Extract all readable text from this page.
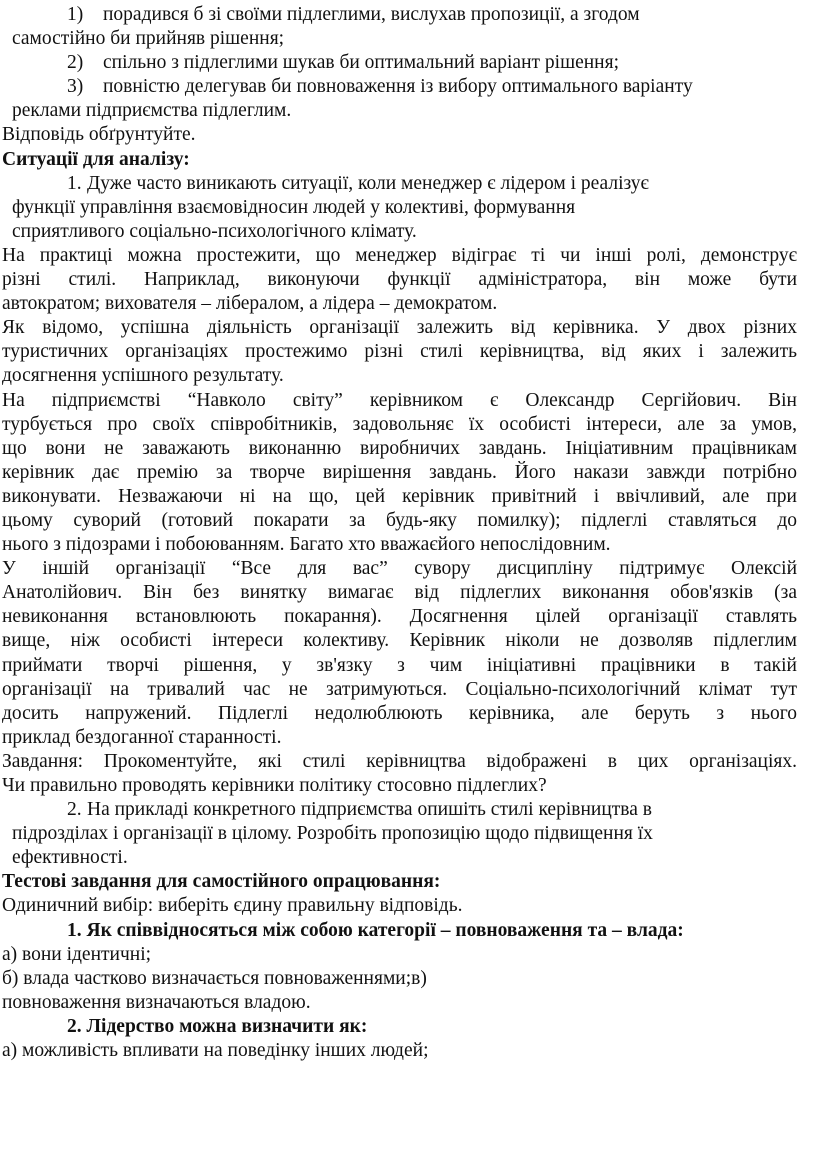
1) порадився б зі своїми підлеглими, вислухав пропозиції, а згодом
самостійно би прийняв рішення;
2) спільно з підлеглими шукав би оптимальний варіант рішення;
3) повністю делегував би повноваження із вибору оптимального варіанту
реклами підприємства підлеглим.
Відповідь обґрунтуйте.
Ситуації для аналізу:
1. Дуже часто виникають ситуації, коли менеджер є лідером і реалізує
функції управління взаємовідносин людей у колективі, формування
сприятливого соціально-психологічного клімату.
На практиці можна простежити, що менеджер відіграє ті чи інші ролі, демонструє
різні стилі. Наприклад, виконуючи функції адміністратора, він може бути
автократом; вихователя – лібералом, а лідера – демократом.
Як відомо, успішна діяльність організації залежить від керівника. У двох різних
туристичних організаціях простежимо різні стилі керівництва, від яких і залежить
досягнення успішного результату.
На підприємстві “Навколо світу” керівником є Олександр Сергійович. Він
турбується про своїх співробітників, задовольняє їх особисті інтереси, але за умов,
що вони не заважають виконанню виробничих завдань. Ініціативним працівникам
керівник дає премію за творче вирішення завдань. Його накази завжди потрібно
виконувати. Незважаючи ні на що, цей керівник привітний і ввічливий, але при
цьому суворий (готовий покарати за будь-яку помилку); підлеглі ставляться до
нього з підозрами і побоюванням. Багато хто вважаєйого непослідовним.
У іншій організації “Все для вас” сувору дисципліну підтримує Олексій
Анатолійович. Він без винятку вимагає від підлеглих виконання обов'язків (за
невиконання встановлюють покарання). Досягнення цілей організації ставлять
вище, ніж особисті інтереси колективу. Керівник ніколи не дозволяв підлеглим
приймати творчі рішення, у зв'язку з чим ініціативні працівники в такій
організації на тривалий час не затримуються. Соціально-психологічний клімат тут
досить напружений. Підлеглі недолюблюють керівника, але беруть з нього
приклад бездоганної старанності.
Завдання: Прокоментуйте, які стилі керівництва відображені в цих організаціях.
Чи правильно проводять керівники політику стосовно підлеглих?
2. На прикладі конкретного підприємства опишіть стилі керівництва в
підрозділах і організації в цілому. Розробіть пропозицію щодо підвищення їх
ефективності.
Тестові завдання для самостійного опрацювання:
Одиничний вибір: виберіть єдину правильну відповідь.
1. Як співвідносяться між собою категорії – повноваження та – влада:
а) вони ідентичні;
б) влада частково визначається повноваженнями;в)
повноваження визначаються владою.
2. Лідерство можна визначити як:
а) можливість впливати на поведінку інших людей;
